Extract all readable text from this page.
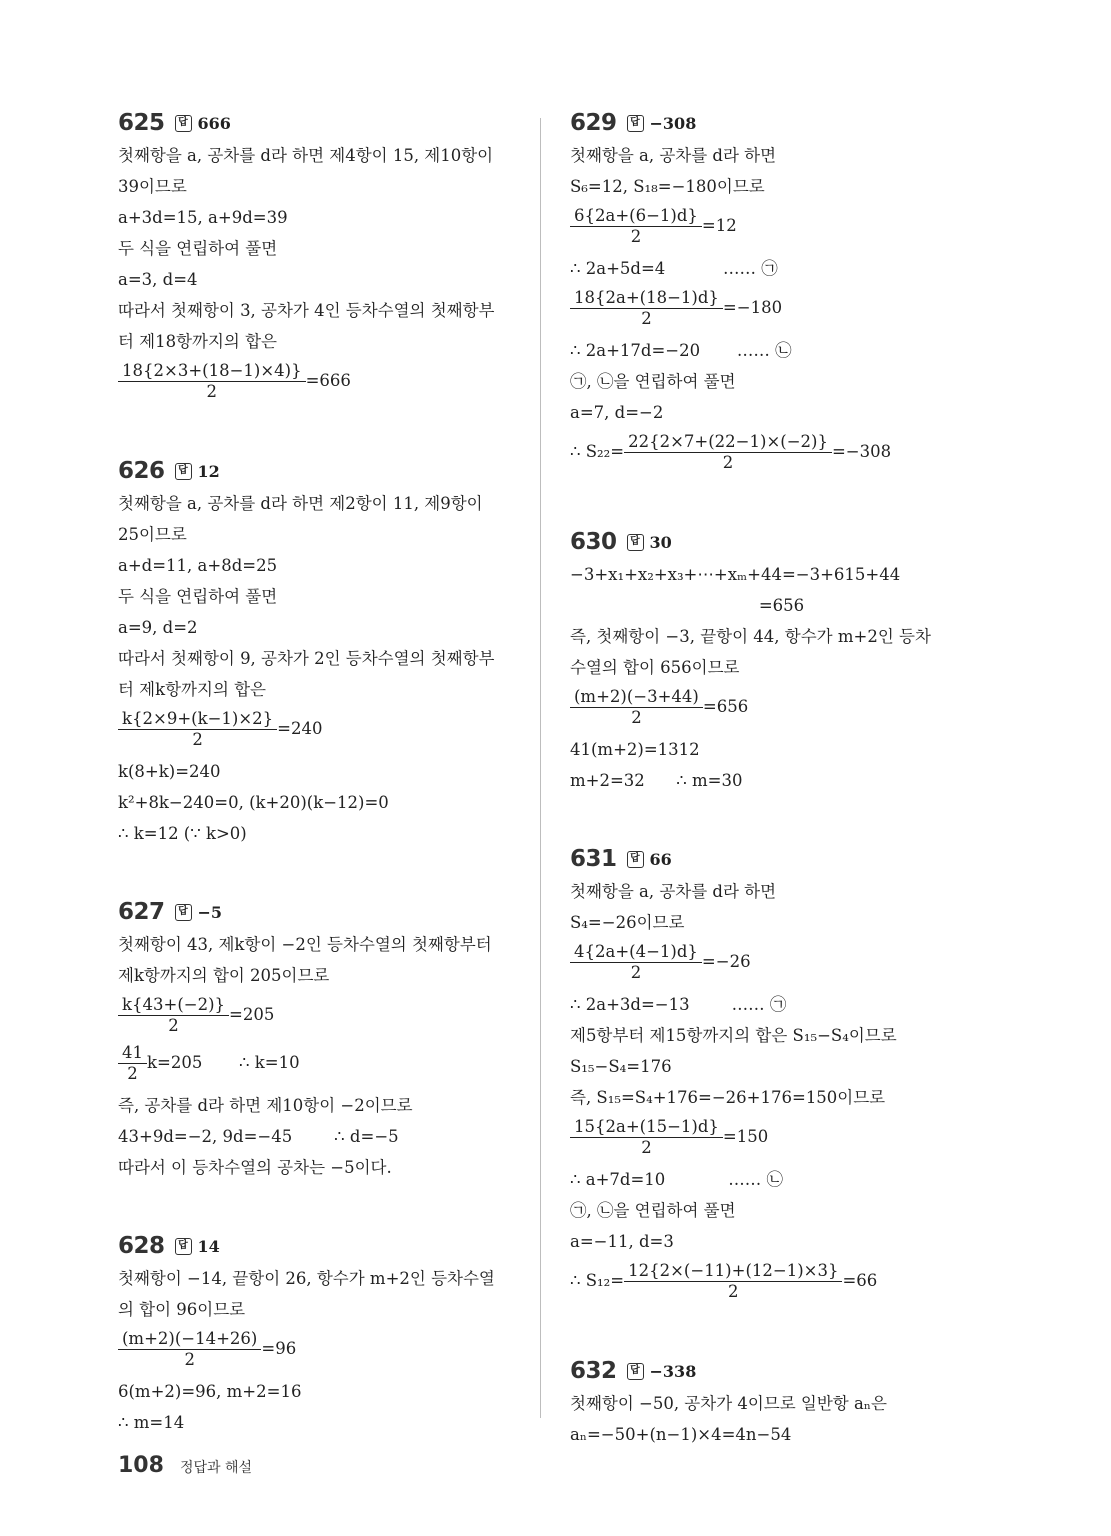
625	답 666
첫째항을 a, 공차를 d라 하면 제4항이 15, 제10항이
39이므로
a+3d=15, a+9d=39
두 식을 연립하여 풀면
a=3, d=4
따라서 첫째항이 3, 공차가 4인 등차수열의 첫째항부
터 제18항까지의 합은
$\frac{18\{2\times 3+(18-1)\times 4)\}}{2} =666$
626	답 12
첫째항을 a, 공차를 d라 하면 제2항이 11, 제9항이
25이므로
a+d=11, a+8d=25
두 식을 연립하여 풀면
a=9, d=2
따라서 첫째항이 9, 공차가 2인 등차수열의 첫째항부
터 제k항까지의 합은
$\frac{k\{2\times 9+(k-1)\times 2\}}{2} =240$
k(8+k)=240
k²+8k−240=0, (k+20)(k−12)=0
∴ k=12 (∵ k>0)
627	답 −5
첫째항이 43, 제k항이 −2인 등차수열의 첫째항부터
제k항까지의 합이 205이므로
$\frac{k\{43+(-2)\}}{2} =205$
$\frac{41}{2} k=205$       ∴ k=10
즉, 공차를 d라 하면 제10항이 −2이므로
43+9d=−2, 9d=−45        ∴ d=−5
따라서 이 등차수열의 공차는 −5이다.
628	답 14
첫째항이 −14, 끝항이 26, 항수가 m+2인 등차수열
의 합이 96이므로
$\frac{(m+2)(-14+26)}{2} =96$
6(m+2)=96, m+2=16
∴ m=14
629	답 −308
첫째항을 a, 공차를 d라 하면
S₆=12, S₁₈=−180이므로
$\frac{6\{2a+(6-1)d\}}{2} =12$
∴ 2a+5d=4           …… ㉠
$\frac{18\{2a+(18-1)d\}}{2} =-180$
∴ 2a+17d=−20       …… ㉡
㉠, ㉡을 연립하여 풀면
a=7, d=−2
∴ $S_{22}= \frac{22\{2\times 7+(22-1)\times(-2)\}}{2} =-308$
630	답 30
−3+x₁+x₂+x₃+⋯+xₘ+44=−3+615+44
=656
즉, 첫째항이 −3, 끝항이 44, 항수가 m+2인 등차
수열의 합이 656이므로
$\frac{(m+2)(-3+44)}{2} =656$
41(m+2)=1312
m+2=32      ∴ m=30
631	답 66
첫째항을 a, 공차를 d라 하면
S₄=−26이므로
$\frac{4\{2a+(4-1)d\}}{2} =-26$
∴ 2a+3d=−13        …… ㉠
제5항부터 제15항까지의 합은 S₁₅−S₄이므로
S₁₅−S₄=176
즉, S₁₅=S₄+176=−26+176=150이므로
$\frac{15\{2a+(15-1)d\}}{2} =150$
∴ a+7d=10            …… ㉡
㉠, ㉡을 연립하여 풀면
a=−11, d=3
∴ $S_{12}= \frac{12\{2\times(-11)+(12-1)\times 3\}}{2} =66$
632	답 −338
첫째항이 −50, 공차가 4이므로 일반항 aₙ은
aₙ=−50+(n−1)×4=4n−54
108 정답과 해설
